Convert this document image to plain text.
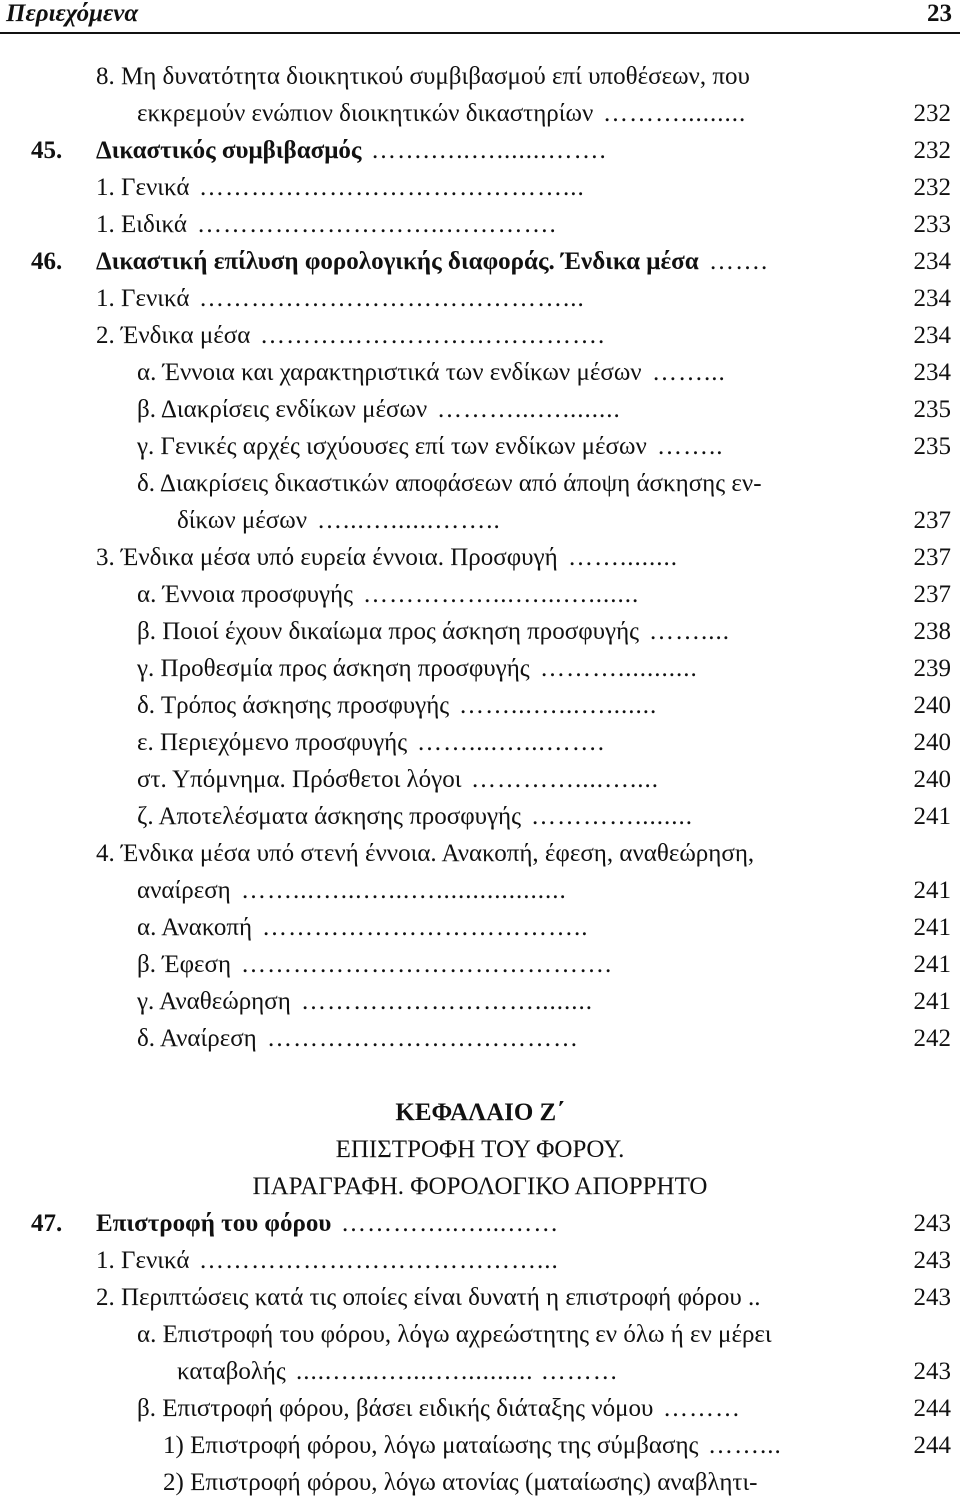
Περιεχόμενα	23
8. Μη δυνατότητα διοικητικού συμβιβασμού επί υποθέσεων, που
εκκρεμούν ενώπιον διοικητικών δικαστηρίων ……….........	232
45. Δικαστικός συμβιβασμός …….…..….......…….	232
1. Γενικά ……………………………………...	232
1. Ειδικά ………………………..………….	233
46. Δικαστική επίλυση φορολογικής διαφοράς. Ένδικα μέσα …….	234
1. Γενικά ……………………………………...	234
2. Ένδικα μέσα ………………………………….	234
α. Έννοια και χαρακτηριστικά των ενδίκων μέσων ……...	234
β. Διακρίσεις ενδίκων μέσων ………...…........	235
γ. Γενικές αρχές ισχύουσες επί των ενδίκων μέσων ……..	235
δ. Διακρίσεις δικαστικών αποφάσεων από άποψη άσκησης εν-
δίκων μέσων …...…......……..	237
3. Ένδικα μέσα υπό ευρεία έννοια. Προσφυγή ……........	237
α. Έννοια προσφυγής ……………...…...….......	237
β. Ποιοί έχουν δικαίωμα προς άσκηση προσφυγής ……....	238
γ. Προθεσμία προς άσκηση προσφυγής ………...........	239
δ. Τρόπος άσκησης προσφυγής ……...…...….......	240
ε. Περιεχόμενο προσφυγής ……....…...…….	240
στ. Υπόμνημα. Πρόσθετοι λόγοι …………....…....	240
ζ. Αποτελέσματα άσκησης προσφυγής …………........	241
4. Ένδικα μέσα υπό στενή έννοια. Ανακοπή, έφεση, αναθεώρηση,
αναίρεση ……...…...…...…..................	241
α. Ανακοπή ………………………………..	241
β. Έφεση …………………………………….	241
γ. Αναθεώρηση ………………………........	241
δ. Αναίρεση ………………………………	242
ΚΕΦΑΛΑΙΟ Ζ΄
ΕΠΙΣΤΡΟΦΗ ΤΟΥ ΦΟΡΟΥ.
ΠΑΡΑΓΡΑΦΗ. ΦΟΡΟΛΟΓΙΚΟ ΑΠΟΡΡΗΤΟ
47. Επιστροφή του φόρου …………..…...……	243
1. Γενικά …………………………………...	243
2. Περιπτώσεις κατά τις οποίες είναι δυνατή η επιστροφή φόρου ..	243
α. Επιστροφή του φόρου, λόγω αχρεώστητης εν όλω ή εν μέρει
καταβολής .....…...…....….......... ………	243
β. Επιστροφή φόρου, βάσει ειδικής διάταξης νόμου ………	244
1) Επιστροφή φόρου, λόγω ματαίωσης της σύμβασης ……...	244
2) Επιστροφή φόρου, λόγω ατονίας (ματαίωσης) αναβλητι-
